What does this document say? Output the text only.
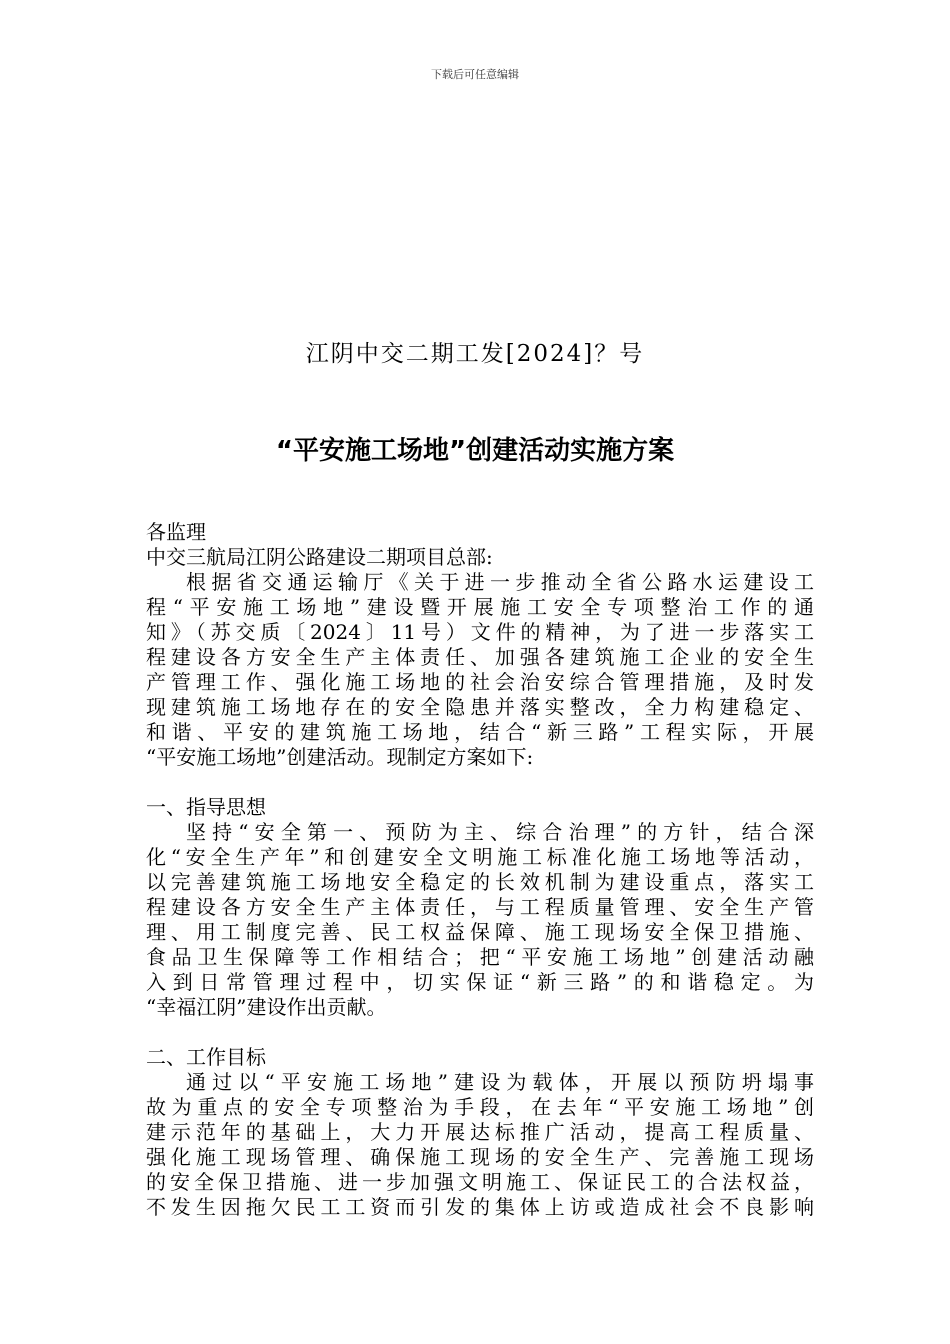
下载后可任意编辑
江阴中交二期工发[2024]？号
“平安施工场地”创建活动实施方案
各监理
中交三航局江阴公路建设二期项目总部:
根据省交通运输厅《关于进一步推动全省公路水运建设工
程“平安施工场地”建设暨开展施工安全专项整治工作的通
知》（苏交质〔2024〕11号）文件的精神，为了进一步落实工
程建设各方安全生产主体责任、加强各建筑施工企业的安全生
产管理工作、强化施工场地的社会治安综合管理措施，及时发
现建筑施工场地存在的安全隐患并落实整改，全力构建稳定、
和谐、平安的建筑施工场地，结合“新三路”工程实际，开展
“平安施工场地”创建活动。现制定方案如下:
一、指导思想
坚持“安全第一、预防为主、综合治理”的方针，结合深
化“安全生产年”和创建安全文明施工标准化施工场地等活动，
以完善建筑施工场地安全稳定的长效机制为建设重点，落实工
程建设各方安全生产主体责任，与工程质量管理、安全生产管
理、用工制度完善、民工权益保障、施工现场安全保卫措施、
食品卫生保障等工作相结合；把“平安施工场地”创建活动融
入到日常管理过程中，切实保证“新三路”的和谐稳定。为
“幸福江阴”建设作出贡献。
二、工作目标
通过以“平安施工场地”建设为载体，开展以预防坍塌事
故为重点的安全专项整治为手段，在去年“平安施工场地”创
建示范年的基础上，大力开展达标推广活动，提高工程质量、
强化施工现场管理、确保施工现场的安全生产、完善施工现场
的安全保卫措施、进一步加强文明施工、保证民工的合法权益，
不发生因拖欠民工工资而引发的集体上访或造成社会不良影响
